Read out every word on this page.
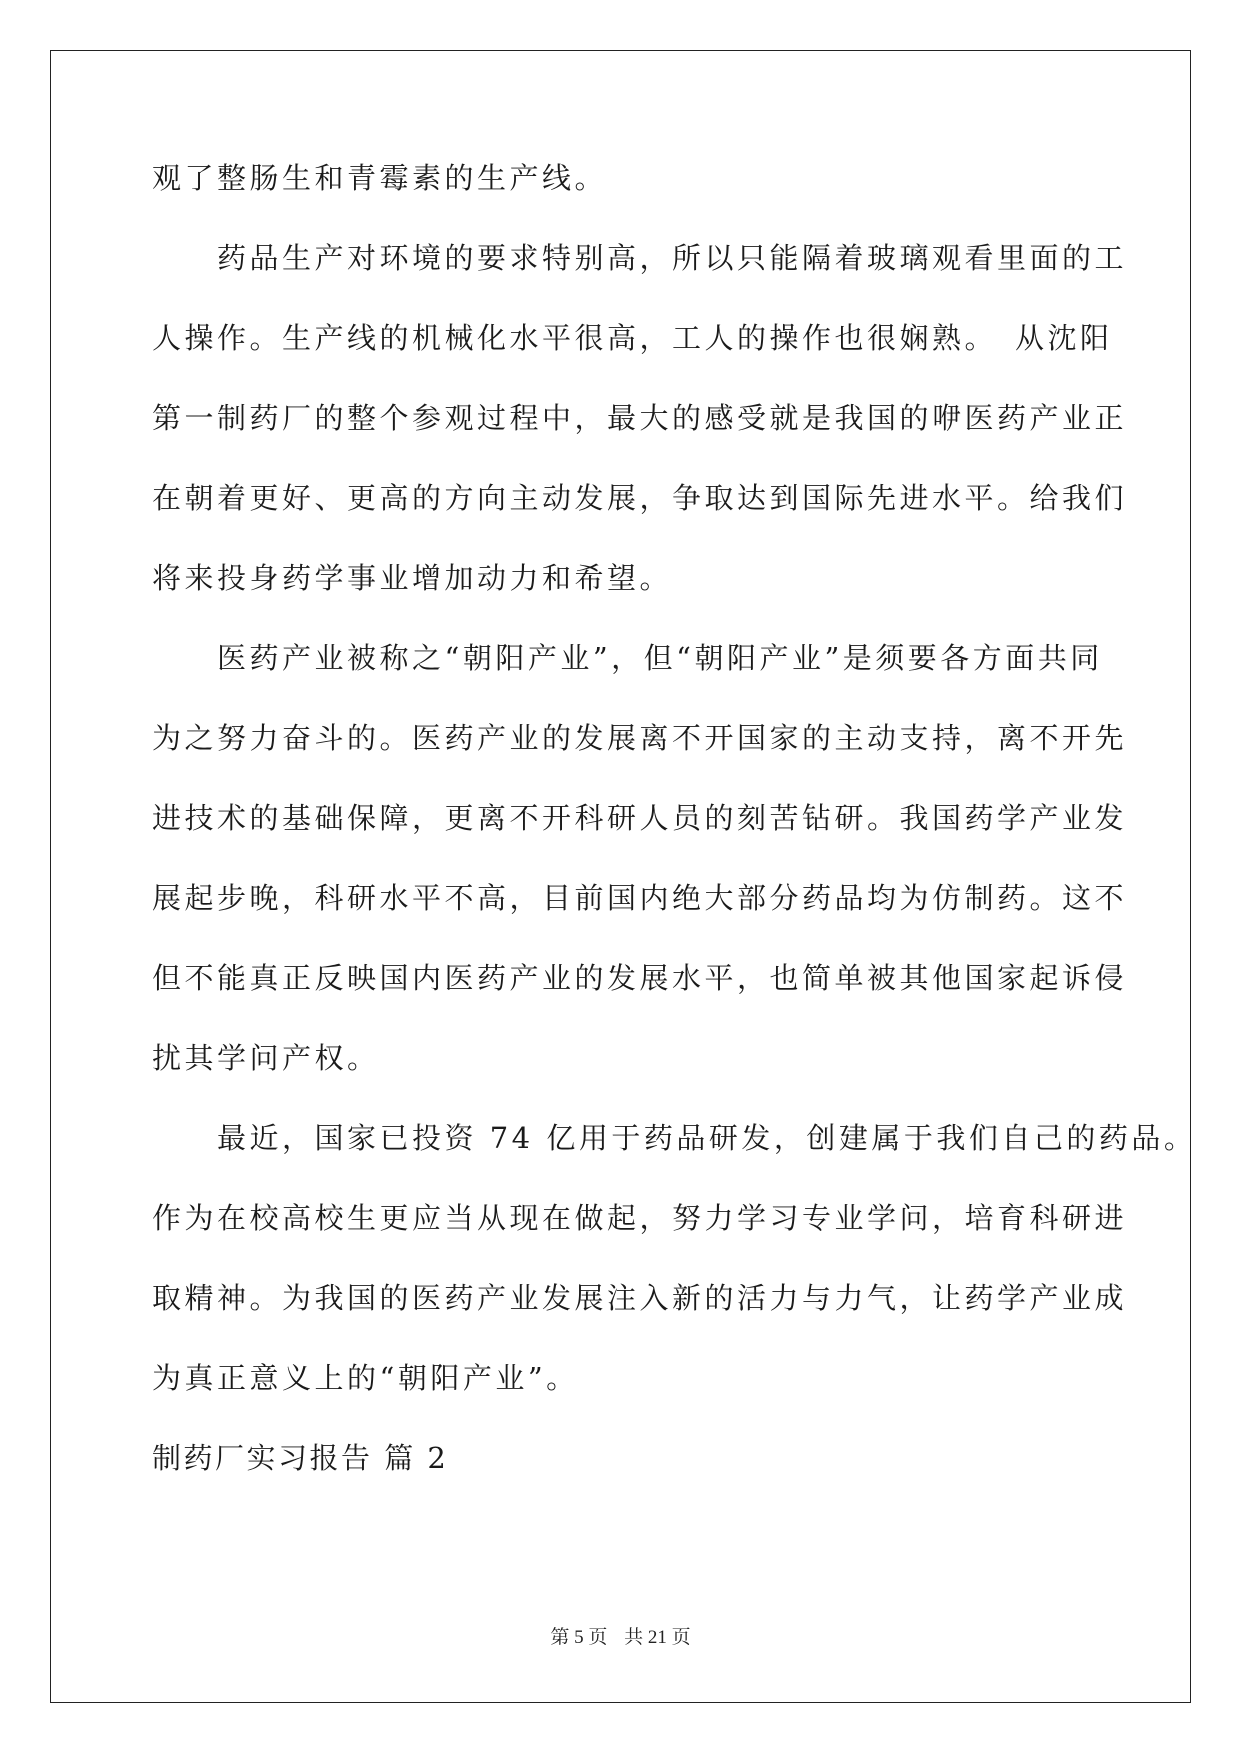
观了整肠生和青霉素的生产线。
药品生产对环境的要求特别高，所以只能隔着玻璃观看里面的工
人操作。生产线的机械化水平很高，工人的操作也很娴熟。　从沈阳
第一制药厂的整个参观过程中，最大的感受就是我国的咿医药产业正
在朝着更好、更高的方向主动发展，争取达到国际先进水平。给我们
将来投身药学事业增加动力和希望。
医药产业被称之“朝阳产业”，但“朝阳产业”是须要各方面共同
为之努力奋斗的。医药产业的发展离不开国家的主动支持，离不开先
进技术的基础保障，更离不开科研人员的刻苦钻研。我国药学产业发
展起步晚，科研水平不高，目前国内绝大部分药品均为仿制药。这不
但不能真正反映国内医药产业的发展水平，也简单被其他国家起诉侵
扰其学问产权。
最近，国家已投资 74 亿用于药品研发，创建属于我们自己的药品。
作为在校高校生更应当从现在做起，努力学习专业学问，培育科研进
取精神。为我国的医药产业发展注入新的活力与力气，让药学产业成
为真正意义上的“朝阳产业”。
制药厂实习报告 篇 2
第 5 页 共 21 页
